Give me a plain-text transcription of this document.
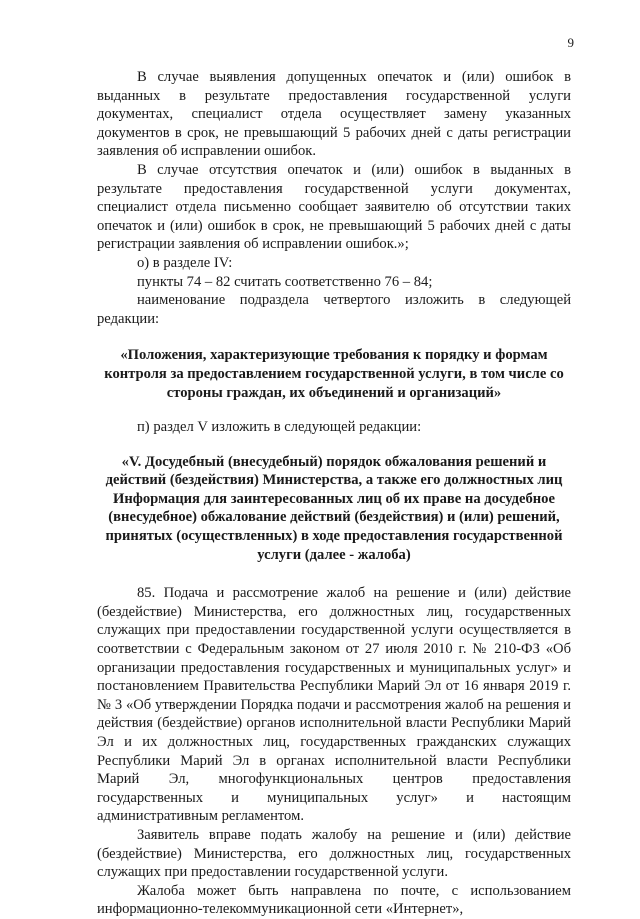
9

В случае выявления допущенных опечаток и (или) ошибок в выданных в результате предоставления государственной услуги документах, специалист отдела осуществляет замену указанных документов в срок, не превышающий 5 рабочих дней с даты регистрации заявления об исправлении ошибок.

В случае отсутствия опечаток и (или) ошибок в выданных в результате предоставления государственной услуги документах, специалист отдела письменно сообщает заявителю об отсутствии таких опечаток и (или) ошибок в срок, не превышающий 5 рабочих дней с даты регистрации заявления об исправлении ошибок.»;

о) в разделе IV:

пункты 74 – 82 считать соответственно 76 – 84;

наименование подраздела четвертого изложить в следующей редакции:

«Положения, характеризующие требования к порядку и формам контроля за предоставлением государственной услуги, в том числе со стороны граждан, их объединений и организаций»

п) раздел V изложить в следующей редакции:

«V. Досудебный (внесудебный) порядок обжалования решений и действий (бездействия) Министерства, а также его должностных лиц Информация для заинтересованных лиц об их праве на досудебное (внесудебное) обжалование действий (бездействия) и (или) решений, принятых (осуществленных) в ходе предоставления государственной услуги (далее - жалоба)

85. Подача и рассмотрение жалоб на решение и (или) действие (бездействие) Министерства, его должностных лиц, государственных служащих при предоставлении государственной услуги осуществляется в соответствии с Федеральным законом от 27 июля 2010 г. № 210-ФЗ «Об организации предоставления государственных и муниципальных услуг» и постановлением Правительства Республики Марий Эл от 16 января 2019 г. № 3 «Об утверждении Порядка подачи и рассмотрения жалоб на решения и действия (бездействие) органов исполнительной власти Республики Марий Эл и их должностных лиц, государственных гражданских служащих Республики Марий Эл в органах исполнительной власти Республики Марий Эл, многофункциональных центров предоставления государственных и муниципальных услуг» и настоящим административным регламентом.

Заявитель вправе подать жалобу на решение и (или) действие (бездействие) Министерства, его должностных лиц, государственных служащих при предоставлении государственной услуги.

Жалоба может быть направлена по почте, с использованием информационно-телекоммуникационной сети «Интернет»,
